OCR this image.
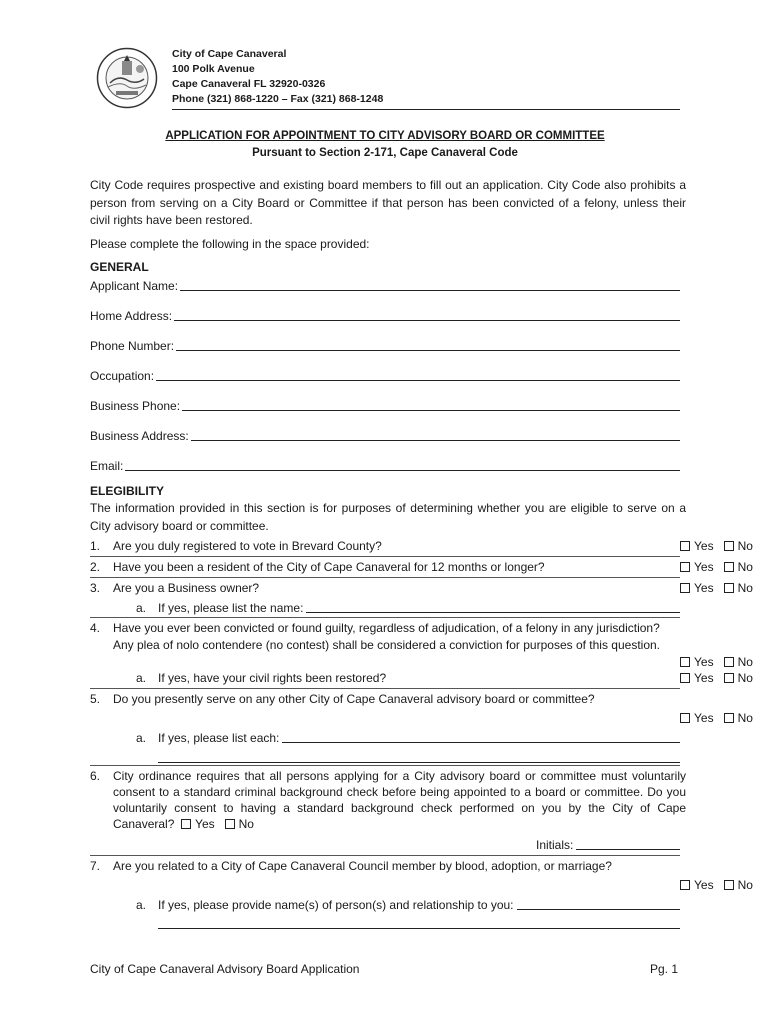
City of Cape Canaveral
100 Polk Avenue
Cape Canaveral FL 32920-0326
Phone (321) 868-1220 – Fax (321) 868-1248
APPLICATION FOR APPOINTMENT TO CITY ADVISORY BOARD OR COMMITTEE
Pursuant to Section 2-171, Cape Canaveral Code
City Code requires prospective and existing board members to fill out an application. City Code also prohibits a person from serving on a City Board or Committee if that person has been convicted of a felony, unless their civil rights have been restored.
Please complete the following in the space provided:
GENERAL
Applicant Name:
Home Address:
Phone Number:
Occupation:
Business Phone:
Business Address:
Email:
ELEGIBILITY
The information provided in this section is for purposes of determining whether you are eligible to serve on a City advisory board or committee.
1. Are you duly registered to vote in Brevard County?	Yes No
2. Have you been a resident of the City of Cape Canaveral for 12 months or longer?	Yes No
3. Are you a Business owner?	Yes No
a. If yes, please list the name:
4. Have you ever been convicted or found guilty, regardless of adjudication, of a felony in any jurisdiction?
Any plea of nolo contendere (no contest) shall be considered a conviction for purposes of this question.
Yes No
a. If yes, have your civil rights been restored?	Yes No
5. Do you presently serve on any other City of Cape Canaveral advisory board or committee?
Yes No
a. If yes, please list each:
6. City ordinance requires that all persons applying for a City advisory board or committee must voluntarily consent to a standard criminal background check before being appointed to a board or committee. Do you voluntarily consent to having a standard background check performed on you by the City of Cape Canaveral? Yes No
Initials:
7. Are you related to a City of Cape Canaveral Council member by blood, adoption, or marriage?
Yes No
a. If yes, please provide name(s) of person(s) and relationship to you:
City of Cape Canaveral Advisory Board Application	Pg. 1
